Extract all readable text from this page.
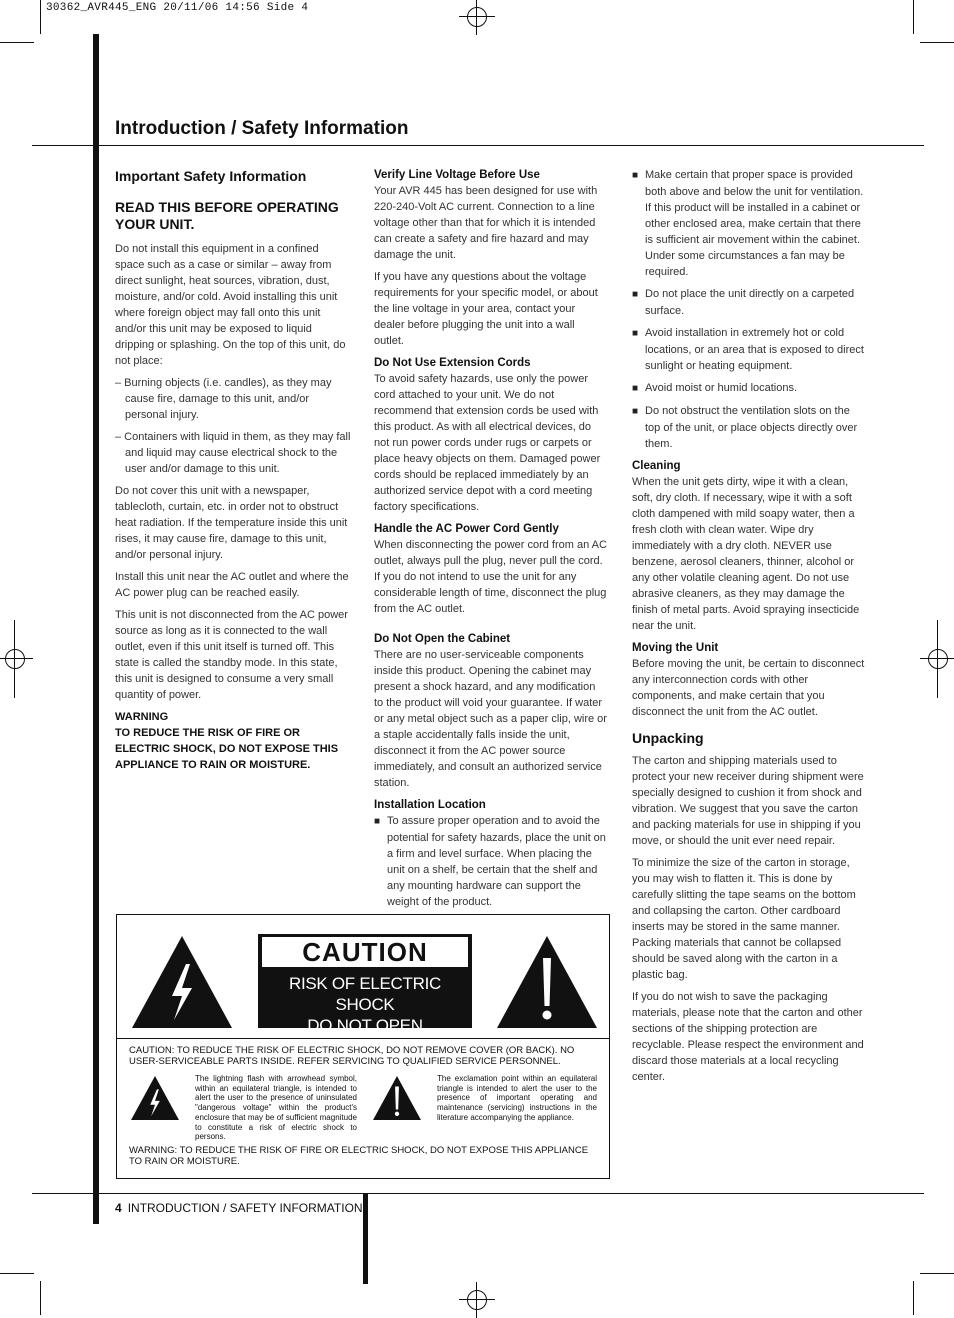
30362_AVR445_ENG 20/11/06 14:56 Side 4
Introduction / Safety Information
Important Safety Information
READ THIS BEFORE OPERATING YOUR UNIT.

Do not install this equipment in a confined space such as a case or similar – away from direct sunlight, heat sources, vibration, dust, moisture, and/or cold. Avoid installing this unit where foreign object may fall onto this unit and/or this unit may be exposed to liquid dripping or splashing. On the top of this unit, do not place:

– Burning objects (i.e. candles), as they may cause fire, damage to this unit, and/or personal injury.

– Containers with liquid in them, as they may fall and liquid may cause electrical shock to the user and/or damage to this unit.

Do not cover this unit with a newspaper, tablecloth, curtain, etc. in order not to obstruct heat radiation. If the temperature inside this unit rises, it may cause fire, damage to this unit, and/or personal injury.

Install this unit near the AC outlet and where the AC power plug can be reached easily.

This unit is not disconnected from the AC power source as long as it is connected to the wall outlet, even if this unit itself is turned off. This state is called the standby mode. In this state, this unit is designed to consume a very small quantity of power.

WARNING

TO REDUCE THE RISK OF FIRE OR ELECTRIC SHOCK, DO NOT EXPOSE THIS APPLIANCE TO RAIN OR MOISTURE.

Verify Line Voltage Before Use

Your AVR 445 has been designed for use with 220-240-Volt AC current. Connection to a line voltage other than that for which it is intended can create a safety and fire hazard and may damage the unit.

If you have any questions about the voltage requirements for your specific model, or about the line voltage in your area, contact your dealer before plugging the unit into a wall outlet.

Do Not Use Extension Cords

To avoid safety hazards, use only the power cord attached to your unit. We do not recommend that extension cords be used with this product. As with all electrical devices, do not run power cords under rugs or carpets or place heavy objects on them. Damaged power cords should be replaced immediately by an authorized service depot with a cord meeting factory specifications.

Handle the AC Power Cord Gently

When disconnecting the power cord from an AC outlet, always pull the plug, never pull the cord. If you do not intend to use the unit for any considerable length of time, disconnect the plug from the AC outlet.

Do Not Open the Cabinet

There are no user-serviceable components inside this product. Opening the cabinet may present a shock hazard, and any modification to the product will void your guarantee. If water or any metal object such as a paper clip, wire or a staple accidentally falls inside the unit, disconnect it from the AC power source immediately, and consult an authorized service station.

Installation Location

■ To assure proper operation and to avoid the potential for safety hazards, place the unit on a firm and level surface. When placing the unit on a shelf, be certain that the shelf and any mounting hardware can support the weight of the product.

■ Make certain that proper space is provided both above and below the unit for ventilation. If this product will be installed in a cabinet or other enclosed area, make certain that there is sufficient air movement within the cabinet. Under some circumstances a fan may be required.

■ Do not place the unit directly on a carpeted surface.

■ Avoid installation in extremely hot or cold locations, or an area that is exposed to direct sunlight or heating equipment.

■ Avoid moist or humid locations.

■ Do not obstruct the ventilation slots on the top of the unit, or place objects directly over them.

Cleaning

When the unit gets dirty, wipe it with a clean, soft, dry cloth. If necessary, wipe it with a soft cloth dampened with mild soapy water, then a fresh cloth with clean water. Wipe dry immediately with a dry cloth. NEVER use benzene, aerosol cleaners, thinner, alcohol or any other volatile cleaning agent. Do not use abrasive cleaners, as they may damage the finish of metal parts. Avoid spraying insecticide near the unit.

Moving the Unit

Before moving the unit, be certain to disconnect any interconnection cords with other components, and make certain that you disconnect the unit from the AC outlet.

Unpacking

The carton and shipping materials used to protect your new receiver during shipment were specially designed to cushion it from shock and vibration. We suggest that you save the carton and packing materials for use in shipping if you move, or should the unit ever need repair.

To minimize the size of the carton in storage, you may wish to flatten it. This is done by carefully slitting the tape seams on the bottom and collapsing the carton. Other cardboard inserts may be stored in the same manner. Packing materials that cannot be collapsed should be saved along with the carton in a plastic bag.

If you do not wish to save the packaging materials, please note that the carton and other sections of the shipping protection are recyclable. Please respect the environment and discard those materials at a local recycling center.

CAUTION
RISK OF ELECTRIC SHOCK
DO NOT OPEN
CAUTION: TO REDUCE THE RISK OF ELECTRIC SHOCK, DO NOT REMOVE COVER (OR BACK). NO USER-SERVICEABLE PARTS INSIDE. REFER SERVICING TO QUALIFIED SERVICE PERSONNEL.
The lightning flash with arrowhead symbol, within an equilateral triangle, is intended to alert the user to the presence of uninsulated "dangerous voltage" within the product's enclosure that may be of sufficient magnitude to constitute a risk of electric shock to persons.
The exclamation point within an equilateral triangle is intended to alert the user to the presence of important operating and maintenance (servicing) instructions in the literature accompanying the appliance.
WARNING: TO REDUCE THE RISK OF FIRE OR ELECTRIC SHOCK, DO NOT EXPOSE THIS APPLIANCE TO RAIN OR MOISTURE.
4 INTRODUCTION / SAFETY INFORMATION
